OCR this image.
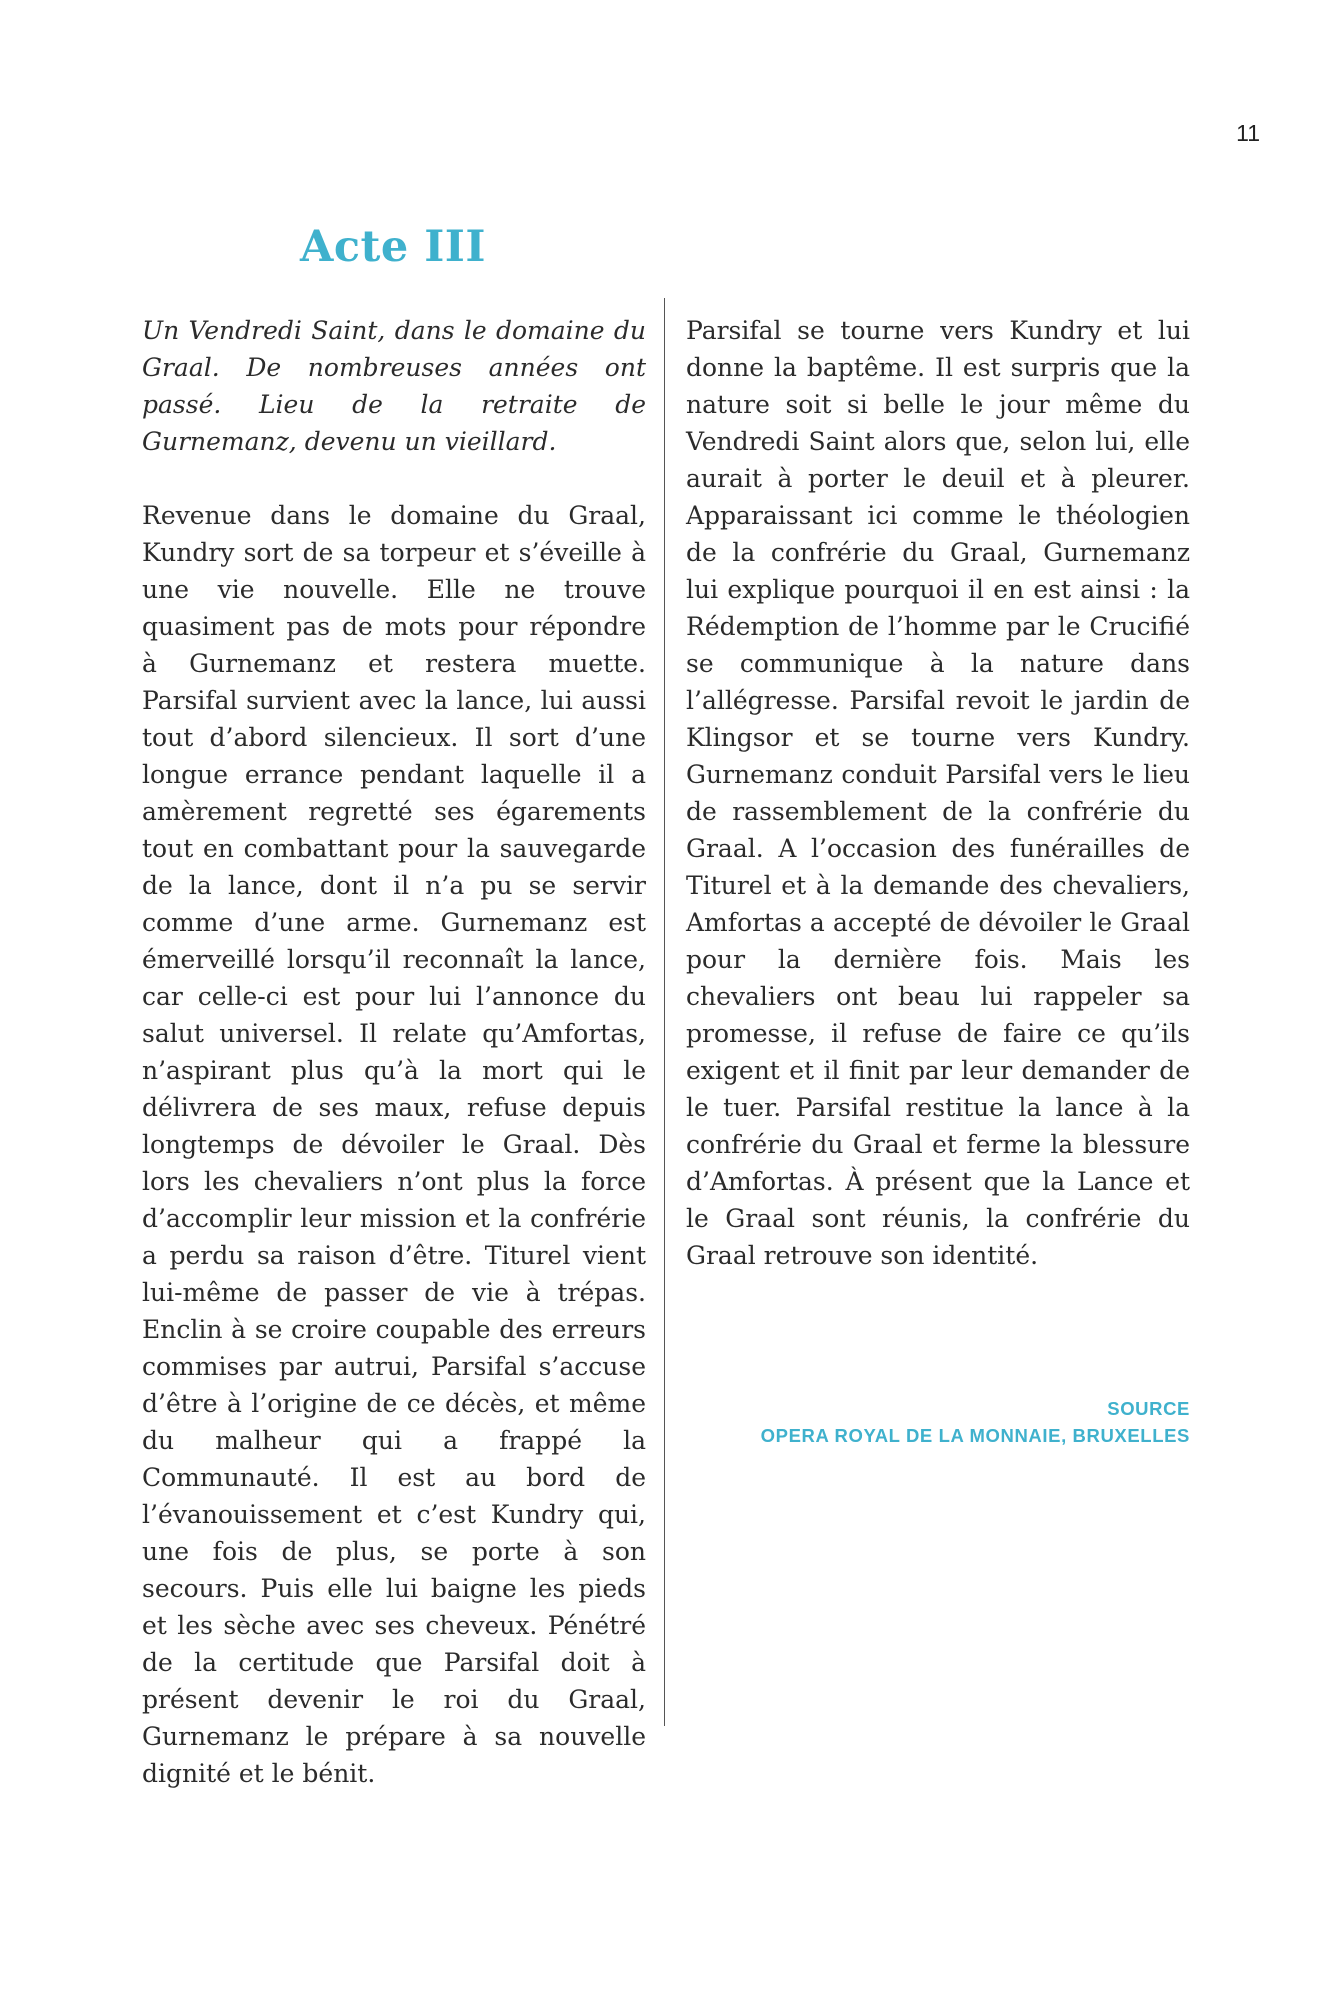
11
Acte III

Un Vendredi Saint, dans le domaine du Graal. De nombreuses années ont passé. Lieu de la retraite de Gurnemanz, devenu un vieillard.

Revenue dans le domaine du Graal, Kundry sort de sa torpeur et s’éveille à une vie nouvelle. Elle ne trouve quasiment pas de mots pour répondre à Gurnemanz et restera muette. Parsifal survient avec la lance, lui aussi tout d’abord silencieux. Il sort d’une longue errance pendant laquelle il a amèrement regretté ses égarements tout en combattant pour la sauvegarde de la lance, dont il n’a pu se servir comme d’une arme. Gurnemanz est émerveillé lorsqu’il reconnaît la lance, car celle-ci est pour lui l’annonce du salut universel. Il relate qu’Amfortas, n’aspirant plus qu’à la mort qui le délivrera de ses maux, refuse depuis longtemps de dévoiler le Graal. Dès lors les chevaliers n’ont plus la force d’accomplir leur mission et la confrérie a perdu sa raison d’être. Titurel vient lui-même de passer de vie à trépas. Enclin à se croire coupable des erreurs commises par autrui, Parsifal s’accuse d’être à l’origine de ce décès, et même du malheur qui a frappé la Communauté. Il est au bord de l’évanouissement et c’est Kundry qui, une fois de plus, se porte à son secours. Puis elle lui baigne les pieds et les sèche avec ses cheveux. Pénétré de la certitude que Parsifal doit à présent devenir le roi du Graal, Gurnemanz le prépare à sa nouvelle dignité et le bénit.

Parsifal se tourne vers Kundry et lui donne la baptême. Il est surpris que la nature soit si belle le jour même du Vendredi Saint alors que, selon lui, elle aurait à porter le deuil et à pleurer. Apparaissant ici comme le théologien de la confrérie du Graal, Gurnemanz lui explique pourquoi il en est ainsi : la Rédemption de l’homme par le Crucifié se communique à la nature dans l’allégresse. Parsifal revoit le jardin de Klingsor et se tourne vers Kundry. Gurnemanz conduit Parsifal vers le lieu de rassemblement de la confrérie du Graal. A l’occasion des funérailles de Titurel et à la demande des chevaliers, Amfortas a accepté de dévoiler le Graal pour la dernière fois. Mais les chevaliers ont beau lui rappeler sa promesse, il refuse de faire ce qu’ils exigent et il finit par leur demander de le tuer. Parsifal restitue la lance à la confrérie du Graal et ferme la blessure d’Amfortas. À présent que la Lance et le Graal sont réunis, la confrérie du Graal retrouve son identité.

SOURCE
OPERA ROYAL DE LA MONNAIE, BRUXELLES
